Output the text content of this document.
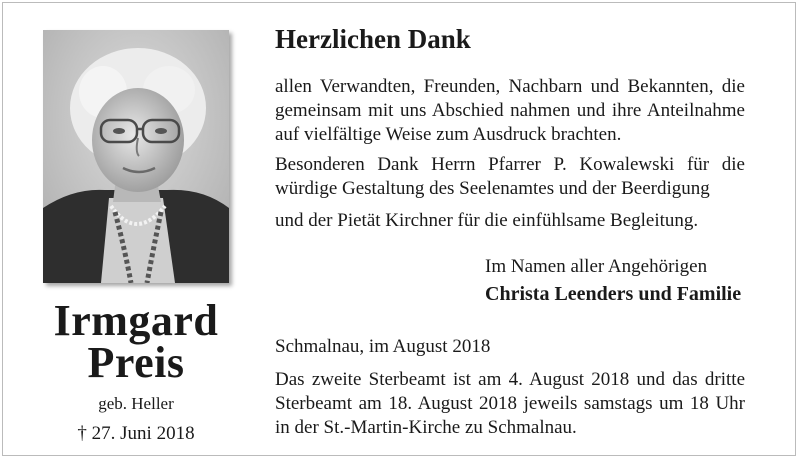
Irmgard
Preis
geb. Heller
† 27. Juni 2018
Herzlichen Dank
allen Verwandten, Freunden, Nachbarn und Bekannten, die gemeinsam mit uns Abschied nahmen und ihre Anteilnahme auf vielfältige Weise zum Ausdruck brachten.
Besonderen Dank Herrn Pfarrer P. Kowalewski für die würdige Gestaltung des Seelenamtes und der Beerdigung
und der Pietät Kirchner für die einfühlsame Begleitung.
Im Namen aller Angehörigen
Christa Leenders und Familie
Schmalnau, im August 2018
Das zweite Sterbeamt ist am 4. August 2018 und das dritte Sterbeamt am 18. August 2018 jeweils samstags um 18 Uhr in der St.-Martin-Kirche zu Schmalnau.
